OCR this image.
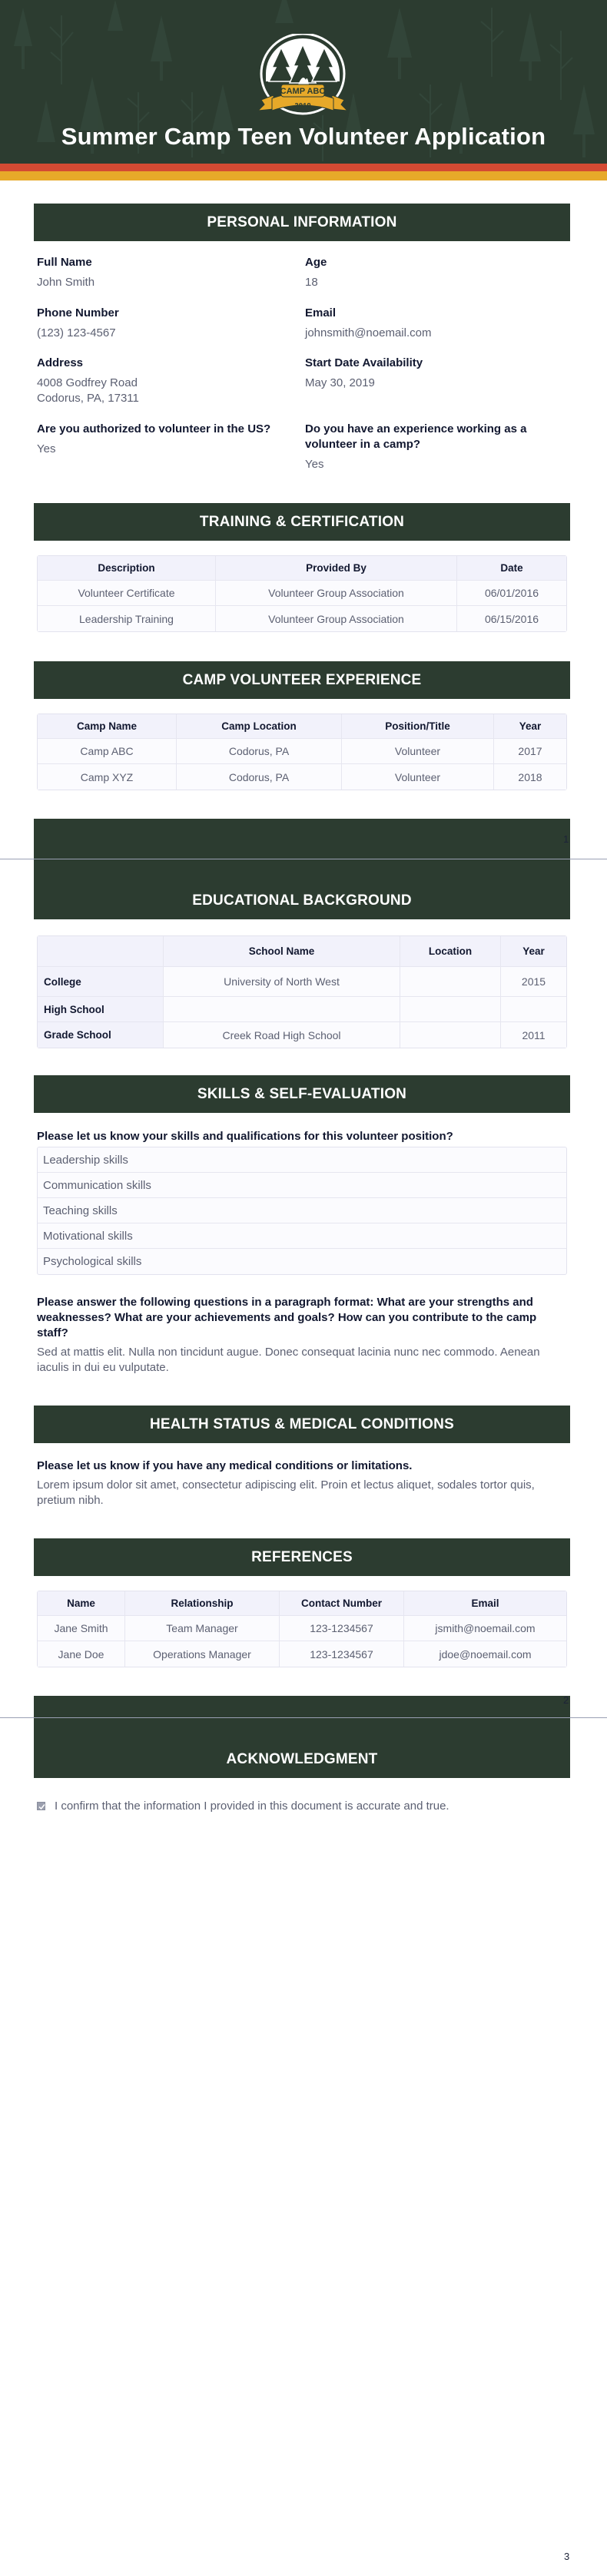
CAMP ABC
2019
Summer Camp Teen Volunteer Application
PERSONAL INFORMATION
Full Name
John Smith
Age
18
Phone Number
(123) 123-4567
Email
johnsmith@noemail.com
Address
4008 Godfrey Road
Codorus, PA, 17311
Start Date Availability
May 30, 2019
Are you authorized to volunteer in the US?
Yes
Do you have an experience working as a volunteer in a camp?
Yes
TRAINING & CERTIFICATION
Description	Provided By	Date
Volunteer Certificate	Volunteer Group Association	06/01/2016
Leadership Training	Volunteer Group Association	06/15/2016
CAMP VOLUNTEER EXPERIENCE
Camp Name	Camp Location	Position/Title	Year
Camp ABC	Codorus, PA	Volunteer	2017
Camp XYZ	Codorus, PA	Volunteer	2018
EDUCATIONAL BACKGROUND
1
	School Name	Location	Year
College	University of North West		2015
High School			
Grade School	Creek Road High School		2011
SKILLS & SELF-EVALUATION
Please let us know your skills and qualifications for this volunteer position?
Leadership skills
Communication skills
Teaching skills
Motivational skills
Psychological skills
Please answer the following questions in a paragraph format: What are your strengths and weaknesses? What are your achievements and goals? How can you contribute to the camp staff?
Sed at mattis elit. Nulla non tincidunt augue. Donec consequat lacinia nunc nec commodo. Aenean iaculis in dui eu vulputate.
HEALTH STATUS & MEDICAL CONDITIONS
Please let us know if you have any medical conditions or limitations.
Lorem ipsum dolor sit amet, consectetur adipiscing elit. Proin et lectus aliquet, sodales tortor quis, pretium nibh.
REFERENCES
Name	Relationship	Contact Number	Email
Jane Smith	Team Manager	123-1234567	jsmith@noemail.com
Jane Doe	Operations Manager	123-1234567	jdoe@noemail.com
ACKNOWLEDGMENT
2
I confirm that the information I provided in this document is accurate and true.
3
